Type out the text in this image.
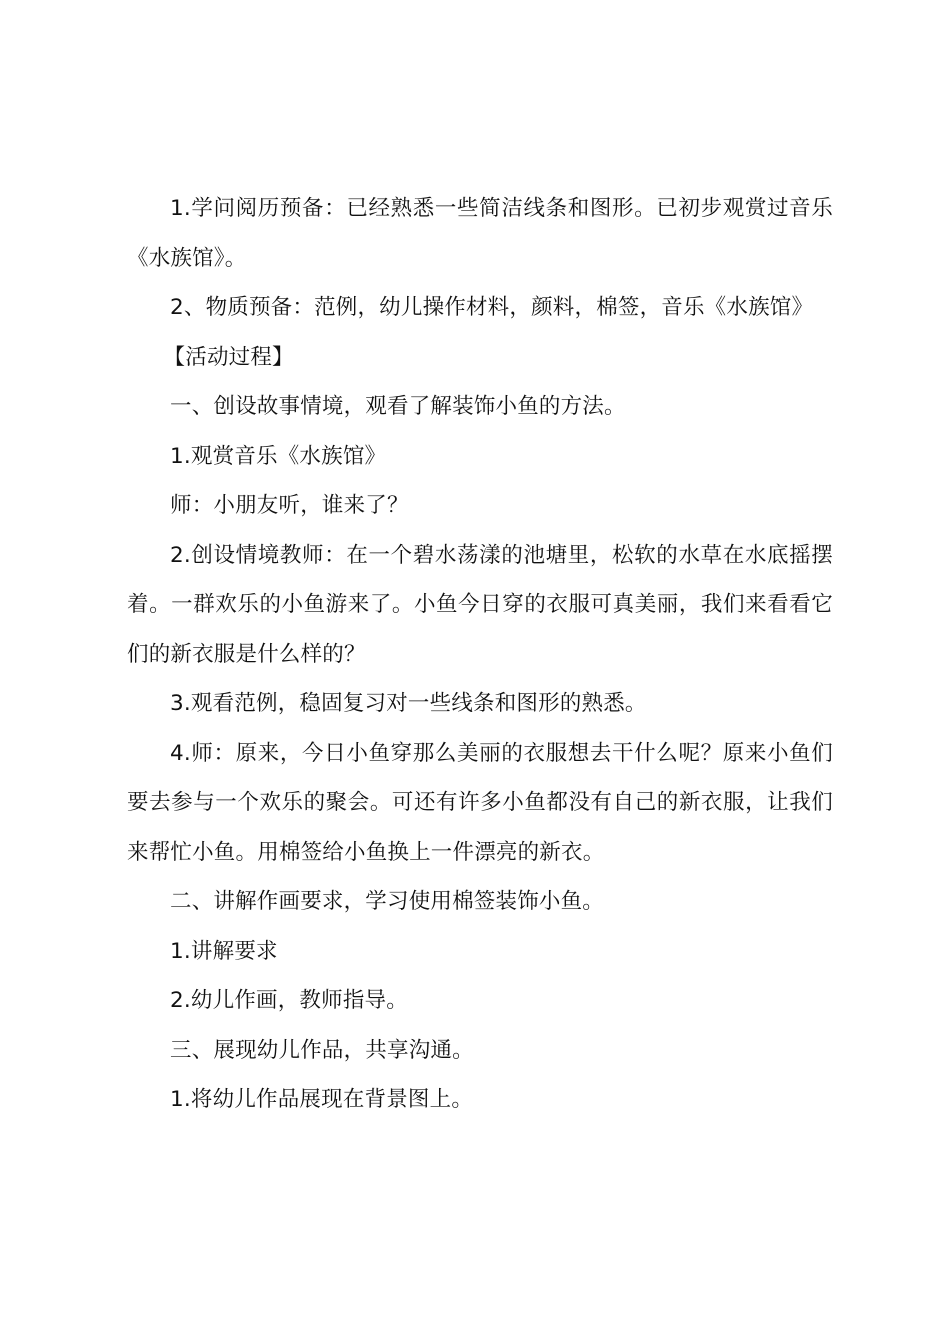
1.学问阅历预备：已经熟悉一些简洁线条和图形。已初步观赏过音乐《水族馆》。

2、物质预备：范例，幼儿操作材料，颜料，棉签，音乐《水族馆》

【活动过程】

一、创设故事情境，观看了解装饰小鱼的方法。

1.观赏音乐《水族馆》

师：小朋友听，谁来了？

2.创设情境教师：在一个碧水荡漾的池塘里，松软的水草在水底摇摆着。一群欢乐的小鱼游来了。小鱼今日穿的衣服可真美丽，我们来看看它们的新衣服是什么样的？

3.观看范例，稳固复习对一些线条和图形的熟悉。

4.师：原来，今日小鱼穿那么美丽的衣服想去干什么呢？原来小鱼们要去参与一个欢乐的聚会。可还有许多小鱼都没有自己的新衣服，让我们来帮忙小鱼。用棉签给小鱼换上一件漂亮的新衣。

二、讲解作画要求，学习使用棉签装饰小鱼。

1.讲解要求

2.幼儿作画，教师指导。

三、展现幼儿作品，共享沟通。

1.将幼儿作品展现在背景图上。
